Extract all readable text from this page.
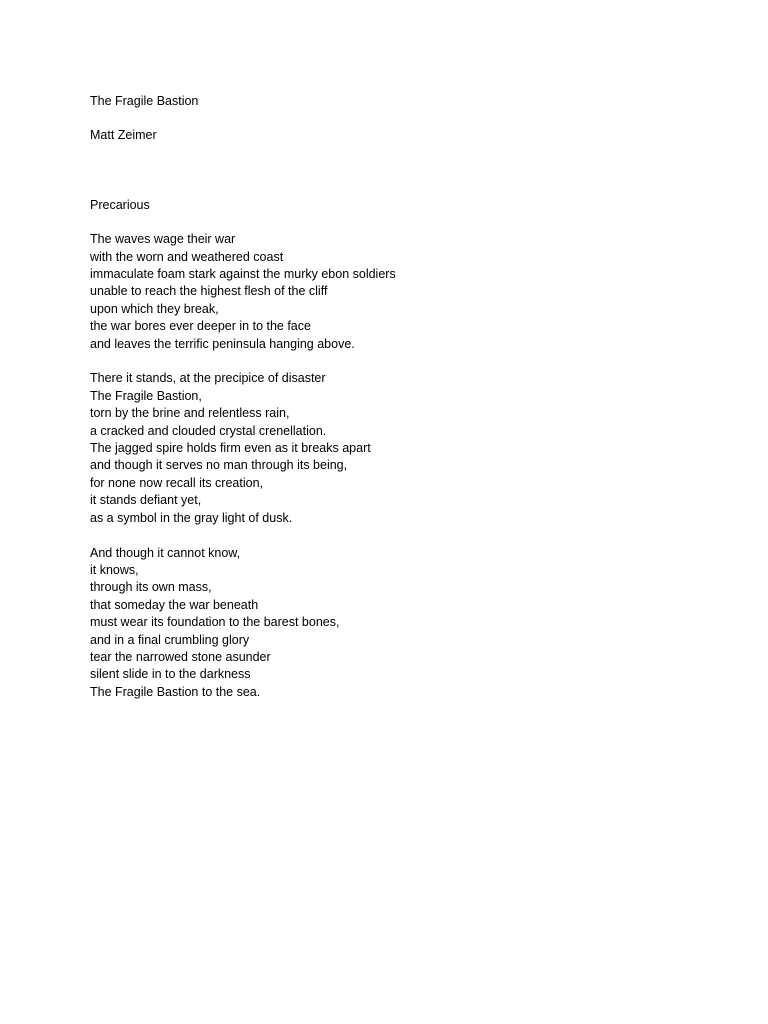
The Fragile Bastion
Matt Zeimer
Precarious
The waves wage their war
with the worn and weathered coast
immaculate foam stark against the murky ebon soldiers
unable to reach the highest flesh of the cliff
upon which they break,
the war bores ever deeper in to the face
and leaves the terrific peninsula hanging above.
There it stands, at the precipice of disaster
The Fragile Bastion,
torn by the brine and relentless rain,
a cracked and clouded crystal crenellation.
The jagged spire holds firm even as it breaks apart
and though it serves no man through its being,
for none now recall its creation,
it stands defiant yet,
as a symbol in the gray light of dusk.
And though it cannot know,
it knows,
through its own mass,
that someday the war beneath
must wear its foundation to the barest bones,
and in a final crumbling glory
tear the narrowed stone asunder
silent slide in to the darkness
The Fragile Bastion to the sea.
